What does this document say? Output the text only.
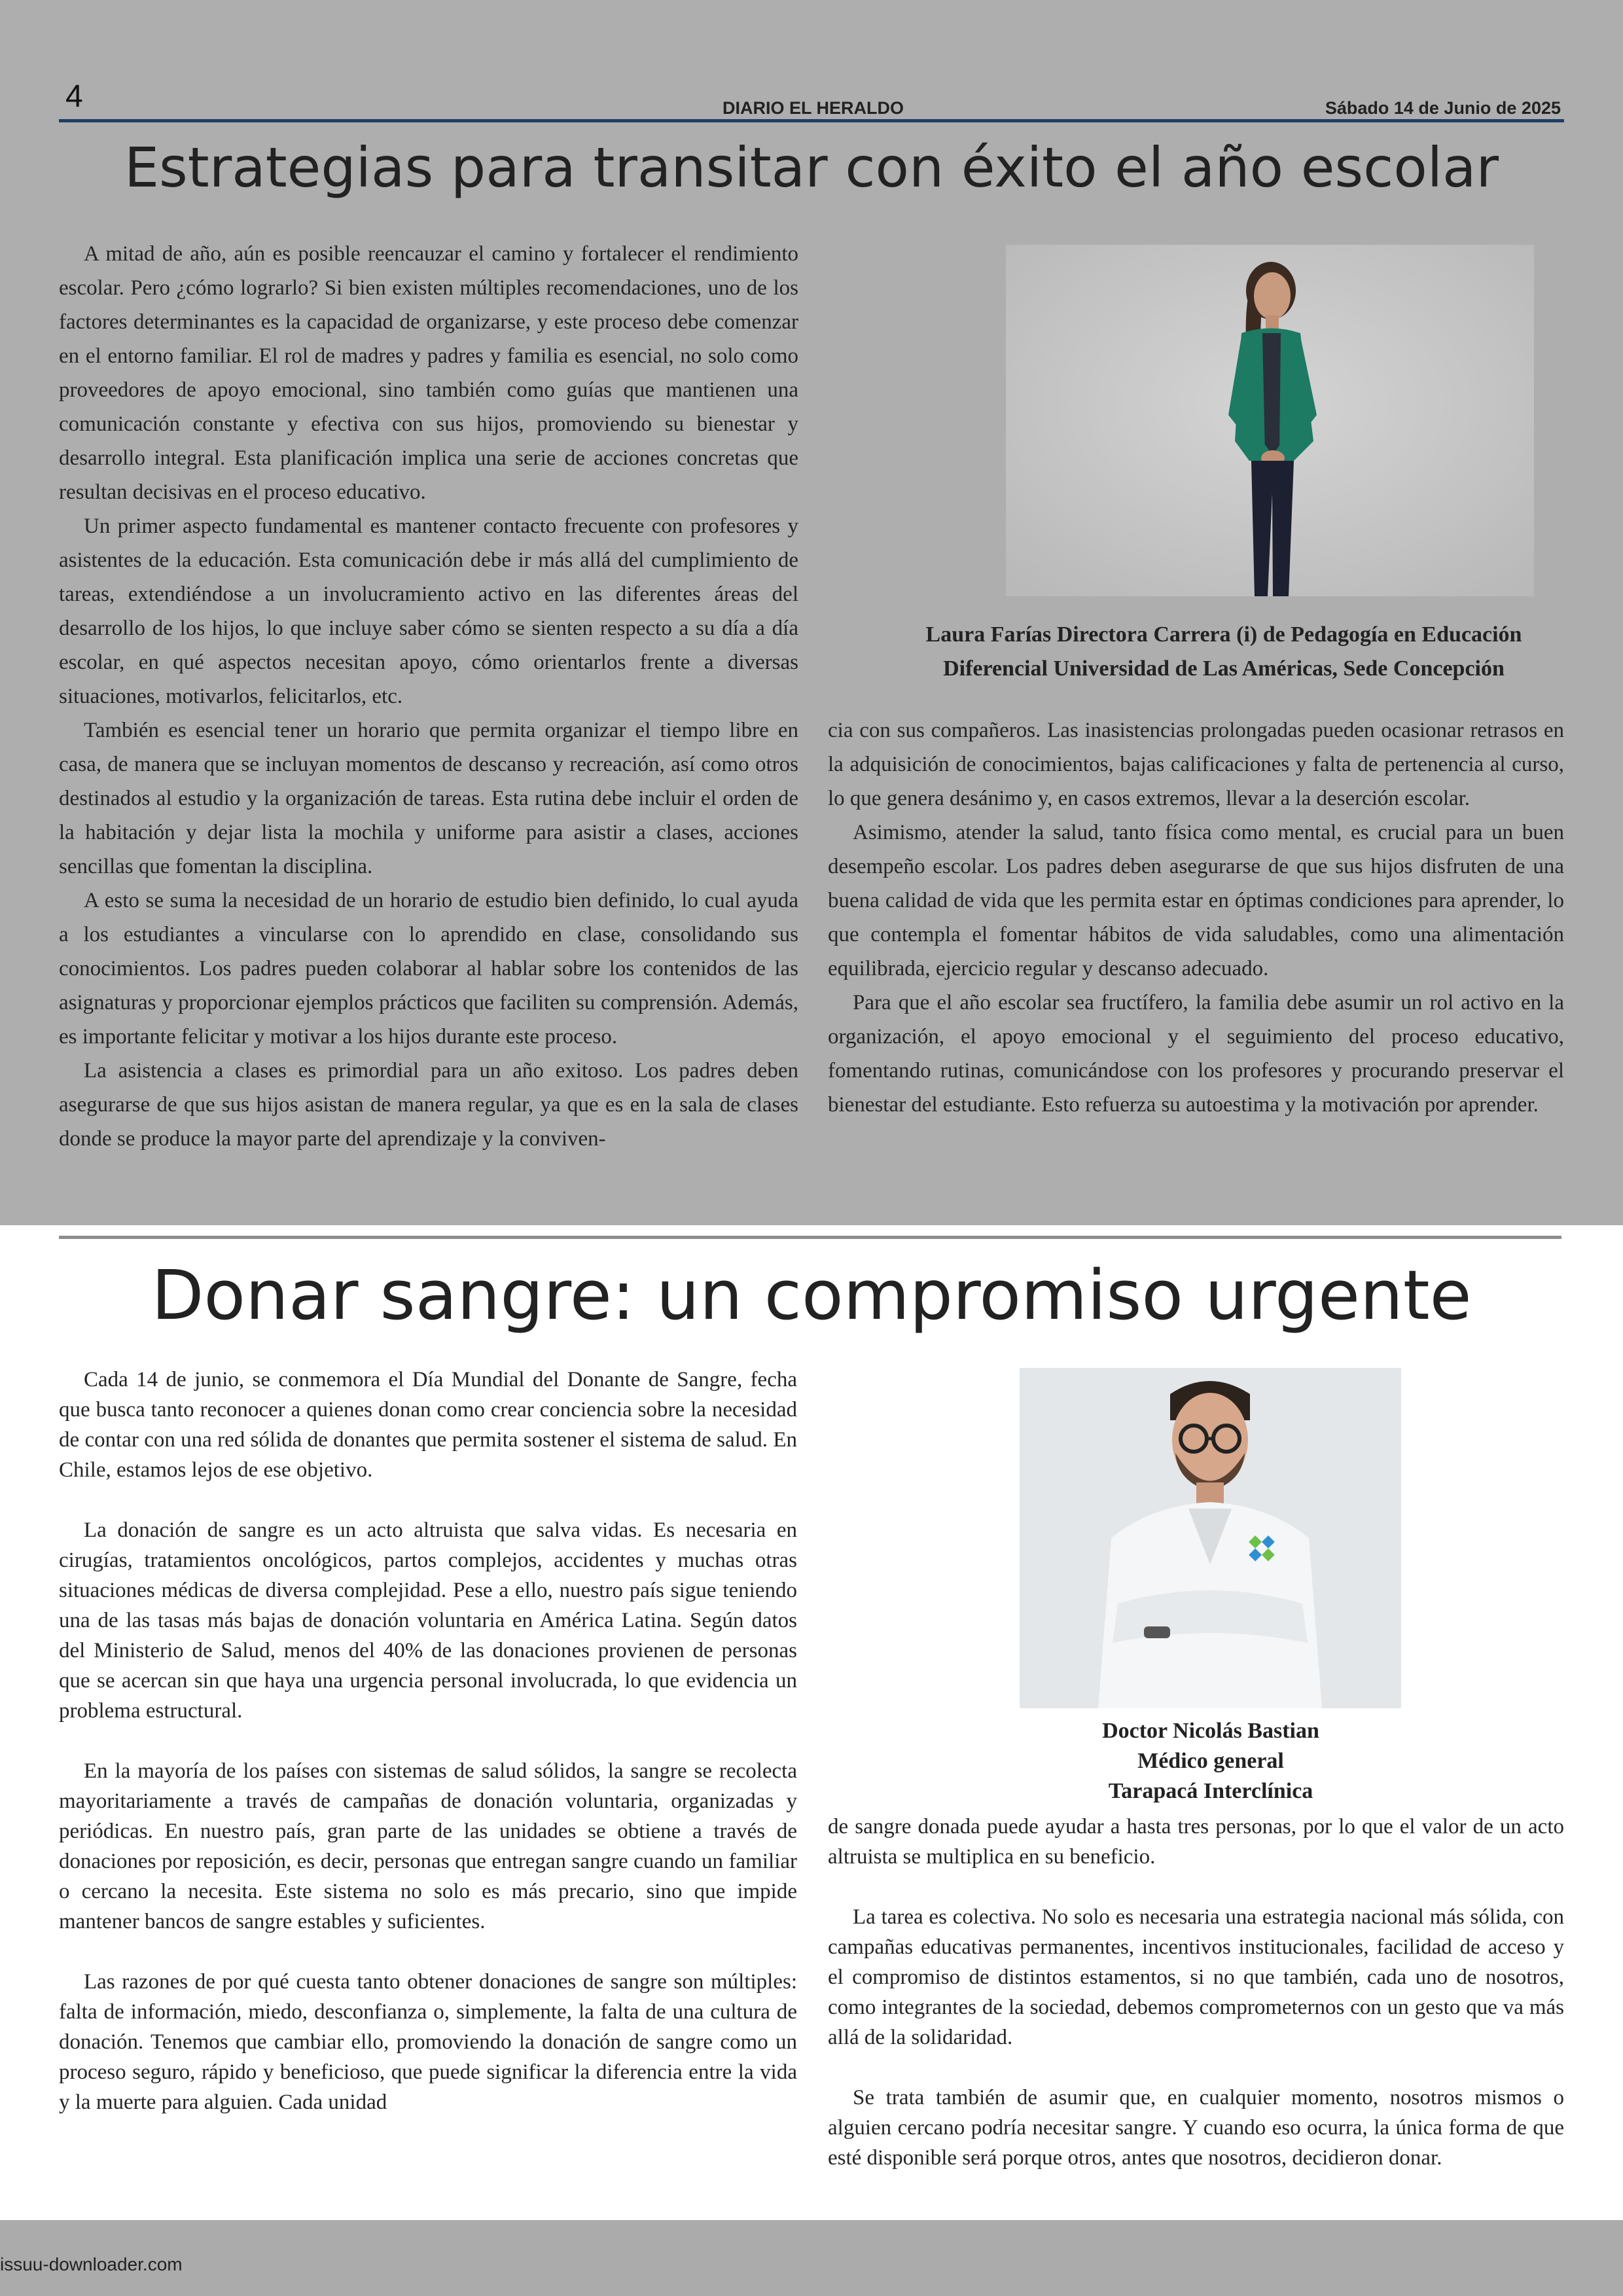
4	DIARIO EL HERALDO	Sábado 14 de Junio de 2025
Estrategias para transitar con éxito el año escolar

A mitad de año, aún es posible reencauzar el camino y fortalecer el rendimiento escolar. Pero ¿cómo lograrlo? Si bien existen múltiples recomendaciones, uno de los factores determinantes es la capacidad de organizarse, y este proceso debe comenzar en el entorno familiar. El rol de madres y padres y familia es esencial, no solo como proveedores de apoyo emocional, sino también como guías que mantienen una comunicación constante y efectiva con sus hijos, promoviendo su bienestar y desarrollo integral. Esta planificación implica una serie de acciones concretas que resultan decisivas en el proceso educativo.

Un primer aspecto fundamental es mantener contacto frecuente con profesores y asistentes de la educación. Esta comunicación debe ir más allá del cumplimiento de tareas, extendiéndose a un involucramiento activo en las diferentes áreas del desarrollo de los hijos, lo que incluye saber cómo se sienten respecto a su día a día escolar, en qué aspectos necesitan apoyo, cómo orientarlos frente a diversas situaciones, motivarlos, felicitarlos, etc.

También es esencial tener un horario que permita organizar el tiempo libre en casa, de manera que se incluyan momentos de descanso y recreación, así como otros destinados al estudio y la organización de tareas. Esta rutina debe incluir el orden de la habitación y dejar lista la mochila y uniforme para asistir a clases, acciones sencillas que fomentan la disciplina.

A esto se suma la necesidad de un horario de estudio bien definido, lo cual ayuda a los estudiantes a vincularse con lo aprendido en clase, consolidando sus conocimientos. Los padres pueden colaborar al hablar sobre los contenidos de las asignaturas y proporcionar ejemplos prácticos que faciliten su comprensión. Además, es importante felicitar y motivar a los hijos durante este proceso.

La asistencia a clases es primordial para un año exitoso. Los padres deben asegurarse de que sus hijos asistan de manera regular, ya que es en la sala de clases donde se produce la mayor parte del aprendizaje y la conviven-

Laura Farías Directora Carrera (i) de Pedagogía en Educación
Diferencial Universidad de Las Américas, Sede Concepción

cia con sus compañeros. Las inasistencias prolongadas pueden ocasionar retrasos en la adquisición de conocimientos, bajas calificaciones y falta de pertenencia al curso, lo que genera desánimo y, en casos extremos, llevar a la deserción escolar.

Asimismo, atender la salud, tanto física como mental, es crucial para un buen desempeño escolar. Los padres deben asegurarse de que sus hijos disfruten de una buena calidad de vida que les permita estar en óptimas condiciones para aprender, lo que contempla el fomentar hábitos de vida saludables, como una alimentación equilibrada, ejercicio regular y descanso adecuado.

Para que el año escolar sea fructífero, la familia debe asumir un rol activo en la organización, el apoyo emocional y el seguimiento del proceso educativo, fomentando rutinas, comunicándose con los profesores y procurando preservar el bienestar del estudiante. Esto refuerza su autoestima y la motivación por aprender.

Donar sangre: un compromiso urgente

Cada 14 de junio, se conmemora el Día Mundial del Donante de Sangre, fecha que busca tanto reconocer a quienes donan como crear conciencia sobre la necesidad de contar con una red sólida de donantes que permita sostener el sistema de salud. En Chile, estamos lejos de ese objetivo.

La donación de sangre es un acto altruista que salva vidas. Es necesaria en cirugías, tratamientos oncológicos, partos complejos, accidentes y muchas otras situaciones médicas de diversa complejidad. Pese a ello, nuestro país sigue teniendo una de las tasas más bajas de donación voluntaria en América Latina. Según datos del Ministerio de Salud, menos del 40% de las donaciones provienen de personas que se acercan sin que haya una urgencia personal involucrada, lo que evidencia un problema estructural.

En la mayoría de los países con sistemas de salud sólidos, la sangre se recolecta mayoritariamente a través de campañas de donación voluntaria, organizadas y periódicas. En nuestro país, gran parte de las unidades se obtiene a través de donaciones por reposición, es decir, personas que entregan sangre cuando un familiar o cercano la necesita. Este sistema no solo es más precario, sino que impide mantener bancos de sangre estables y suficientes.

Las razones de por qué cuesta tanto obtener donaciones de sangre son múltiples: falta de información, miedo, desconfianza o, simplemente, la falta de una cultura de donación. Tenemos que cambiar ello, promoviendo la donación de sangre como un proceso seguro, rápido y beneficioso, que puede significar la diferencia entre la vida y la muerte para alguien. Cada unidad

Doctor Nicolás Bastian
Médico general
Tarapacá Interclínica

de sangre donada puede ayudar a hasta tres personas, por lo que el valor de un acto altruista se multiplica en su beneficio.

La tarea es colectiva. No solo es necesaria una estrategia nacional más sólida, con campañas educativas permanentes, incentivos institucionales, facilidad de acceso y el compromiso de distintos estamentos, si no que también, cada uno de nosotros, como integrantes de la sociedad, debemos comprometernos con un gesto que va más allá de la solidaridad.

Se trata también de asumir que, en cualquier momento, nosotros mismos o alguien cercano podría necesitar sangre. Y cuando eso ocurra, la única forma de que esté disponible será porque otros, antes que nosotros, decidieron donar.

issuu-downloader.com
